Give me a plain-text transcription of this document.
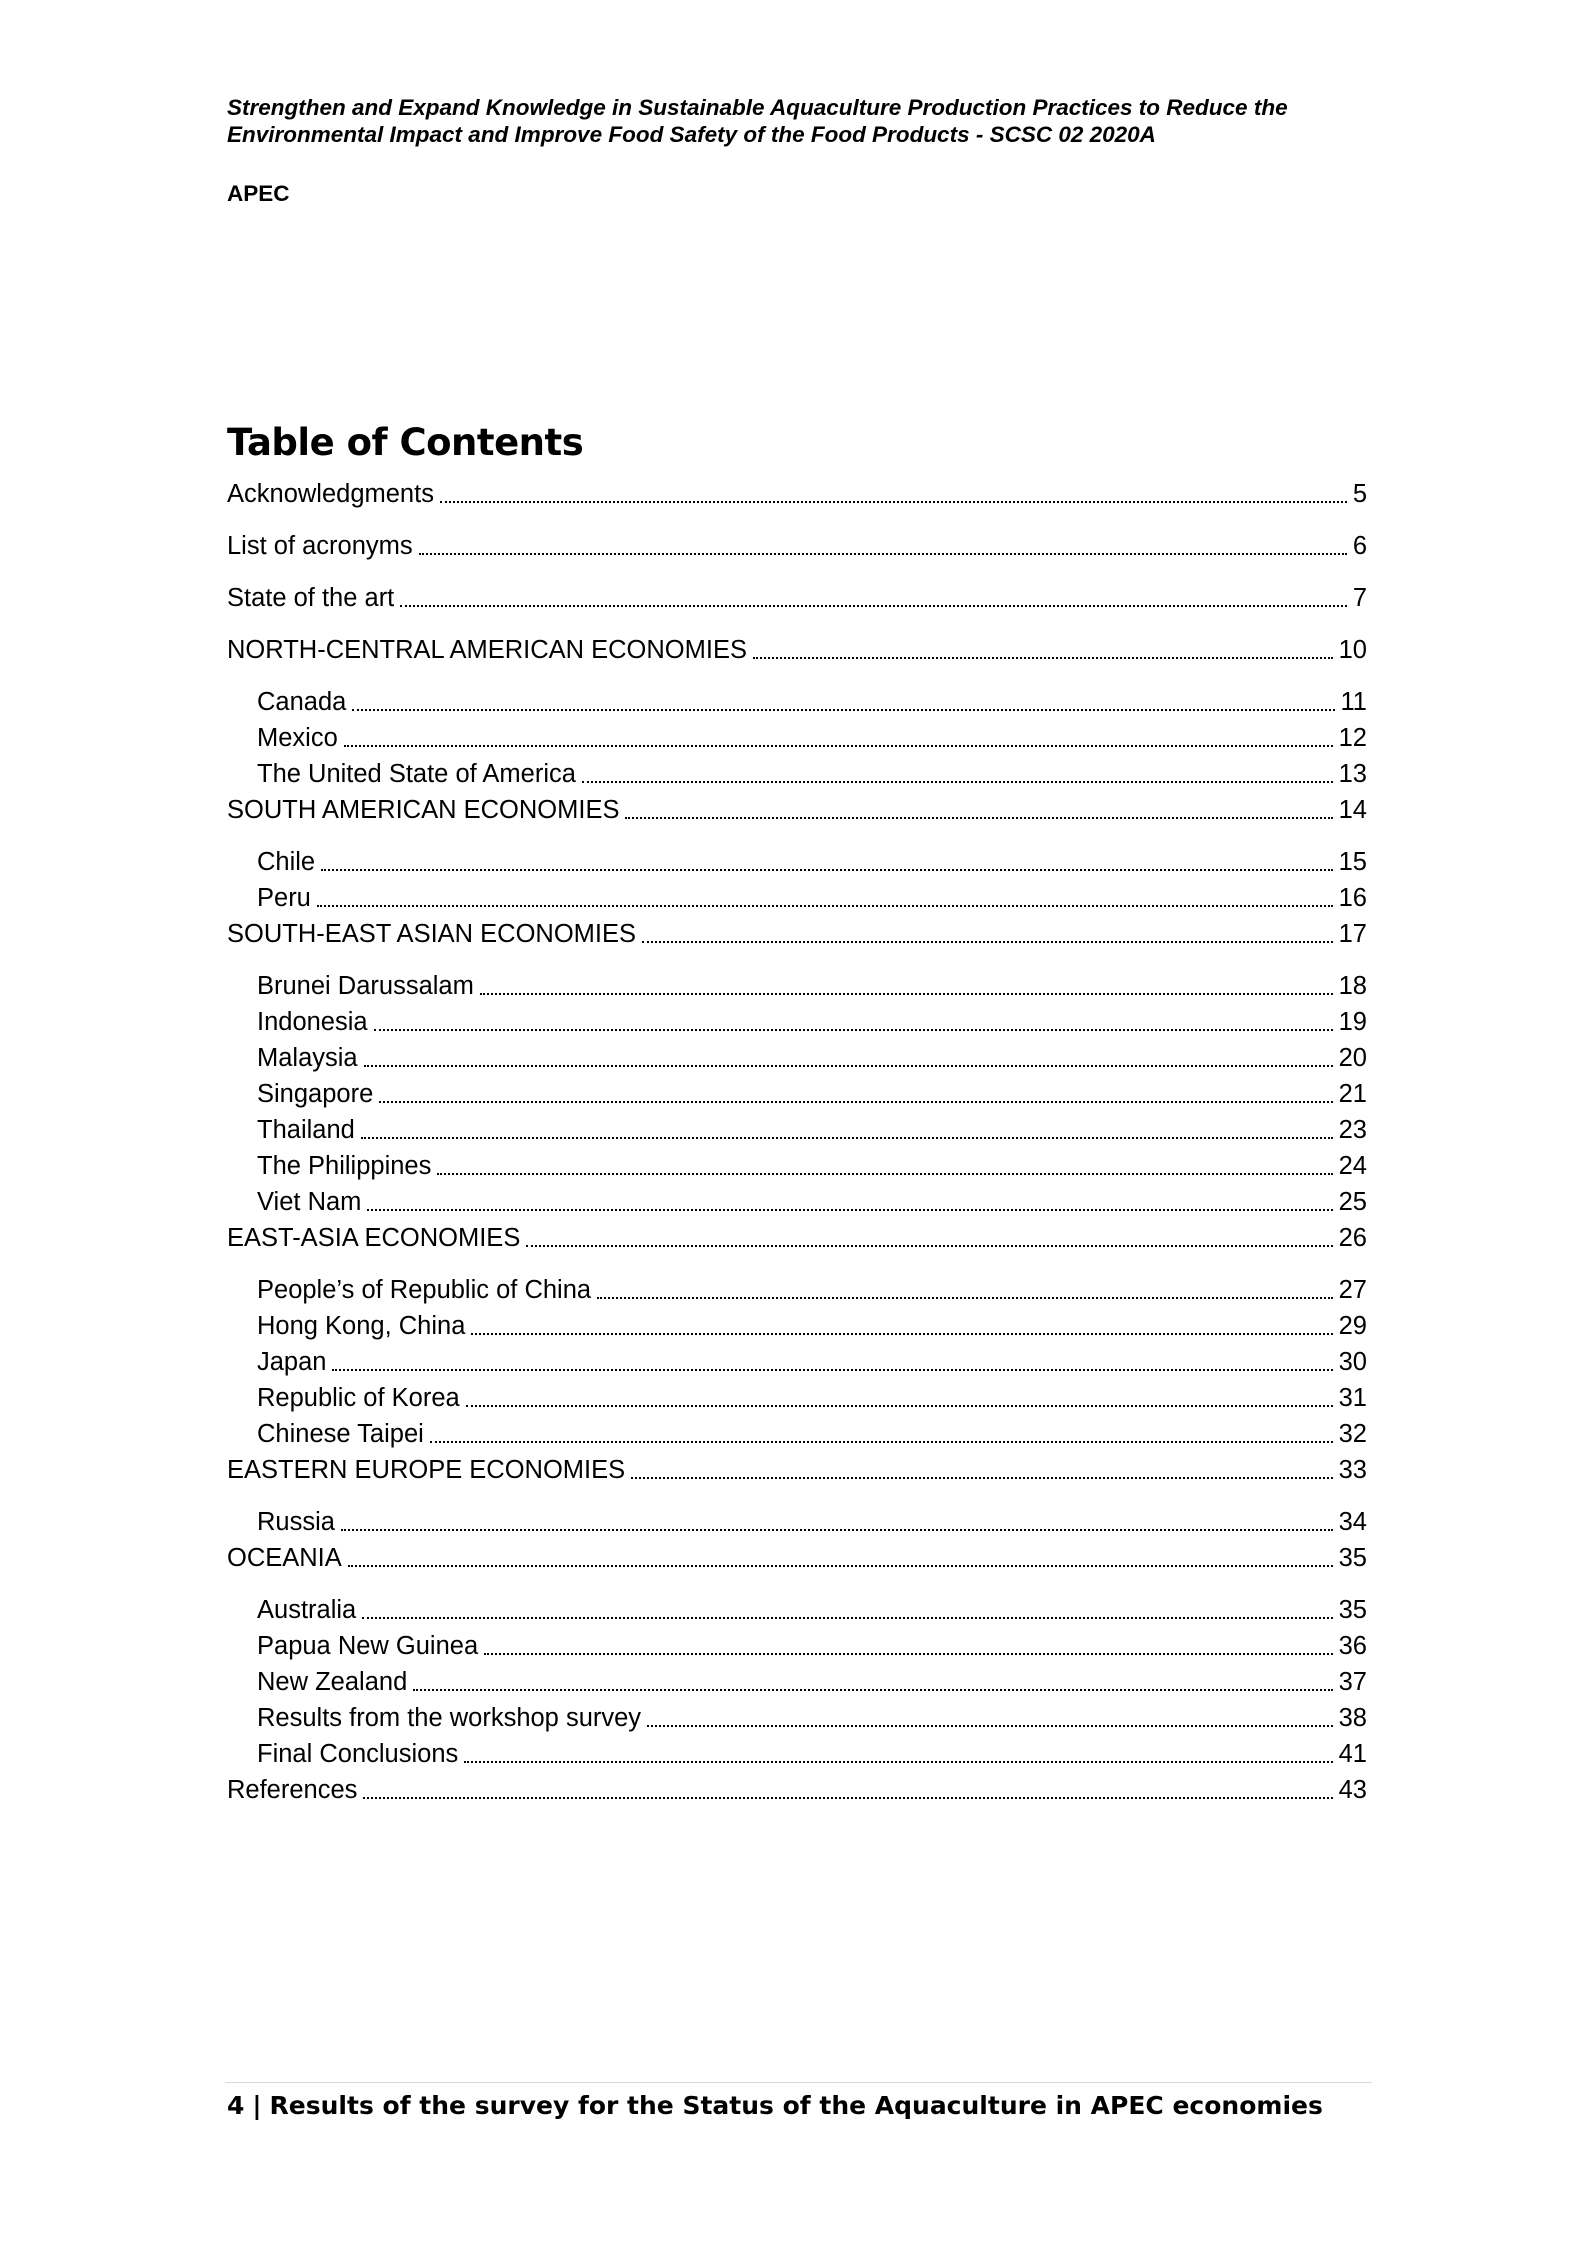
Strengthen and Expand Knowledge in Sustainable Aquaculture Production Practices to Reduce the
Environmental Impact and Improve Food Safety of the Food Products - SCSC 02 2020A
APEC
Table of Contents
Acknowledgments	5
List of acronyms	6
State of the art	7
NORTH-CENTRAL AMERICAN ECONOMIES	10
Canada	11
Mexico	12
The United State of America	13
SOUTH AMERICAN ECONOMIES	14
Chile	15
Peru	16
SOUTH-EAST ASIAN ECONOMIES	17
Brunei Darussalam	18
Indonesia	19
Malaysia	20
Singapore	21
Thailand	23
The Philippines	24
Viet Nam	25
EAST-ASIA ECONOMIES	26
People’s of Republic of China	27
Hong Kong, China	29
Japan	30
Republic of Korea	31
Chinese Taipei	32
EASTERN EUROPE ECONOMIES	33
Russia	34
OCEANIA	35
Australia	35
Papua New Guinea	36
New Zealand	37
Results from the workshop survey	38
Final Conclusions	41
References	43
4 | Results of the survey for the Status of the Aquaculture in APEC economies
